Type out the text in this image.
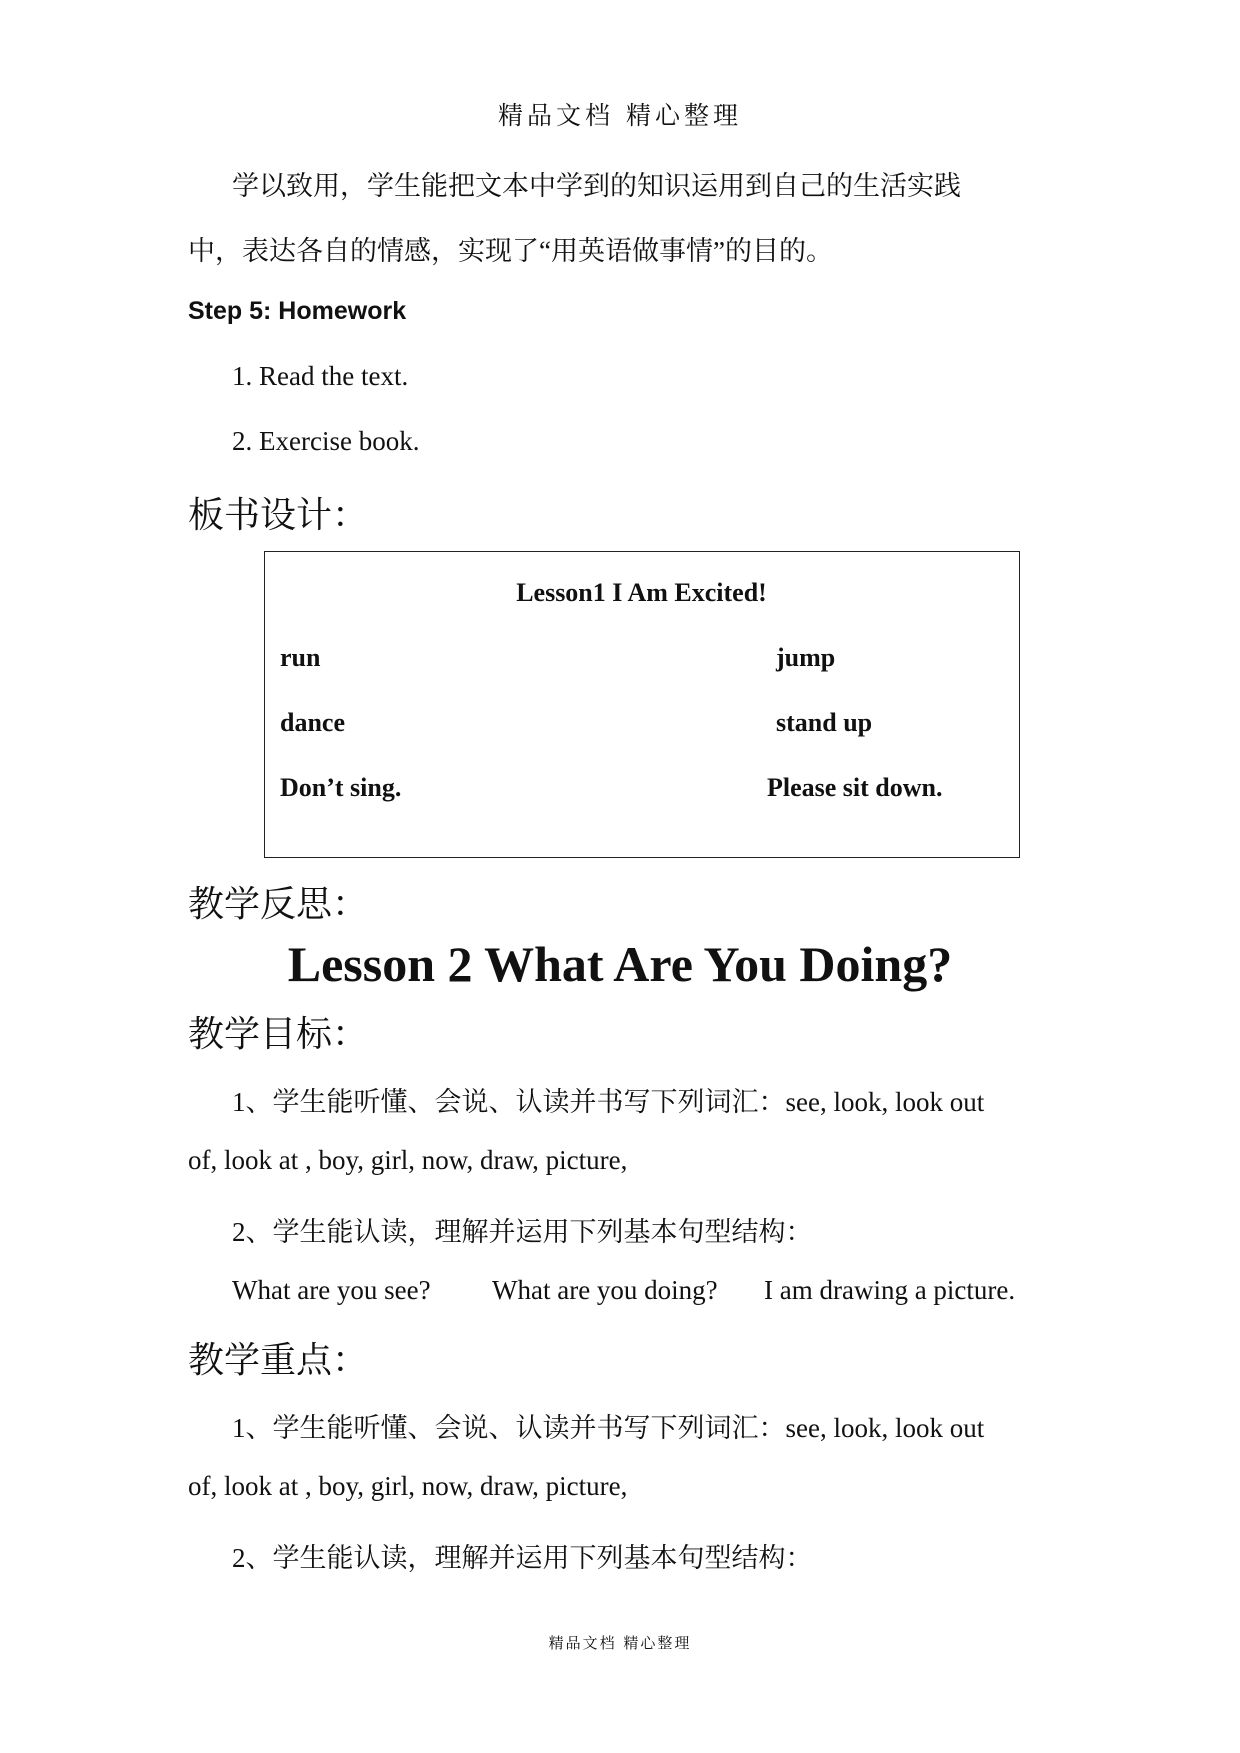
精品文档 精心整理
学以致用，学生能把文本中学到的知识运用到自己的生活实践
中，表达各自的情感，实现了“用英语做事情”的目的。
Step 5: Homework
1. Read the text.
2. Exercise book.
板书设计：
Lesson1 I Am Excited!
run
dance
Don’t sing.
jump
stand up
Please sit down.
教学反思：
Lesson 2 What Are You Doing?
教学目标：
1、学生能听懂、会说、认读并书写下列词汇：see, look, look out
of, look at , boy, girl, now, draw, picture,
2、学生能认读，理解并运用下列基本句型结构：
What are you see? What are you doing? I am drawing a picture.
教学重点：
1、学生能听懂、会说、认读并书写下列词汇：see, look, look out
of, look at , boy, girl, now, draw, picture,
2、学生能认读，理解并运用下列基本句型结构：
精品文档 精心整理
